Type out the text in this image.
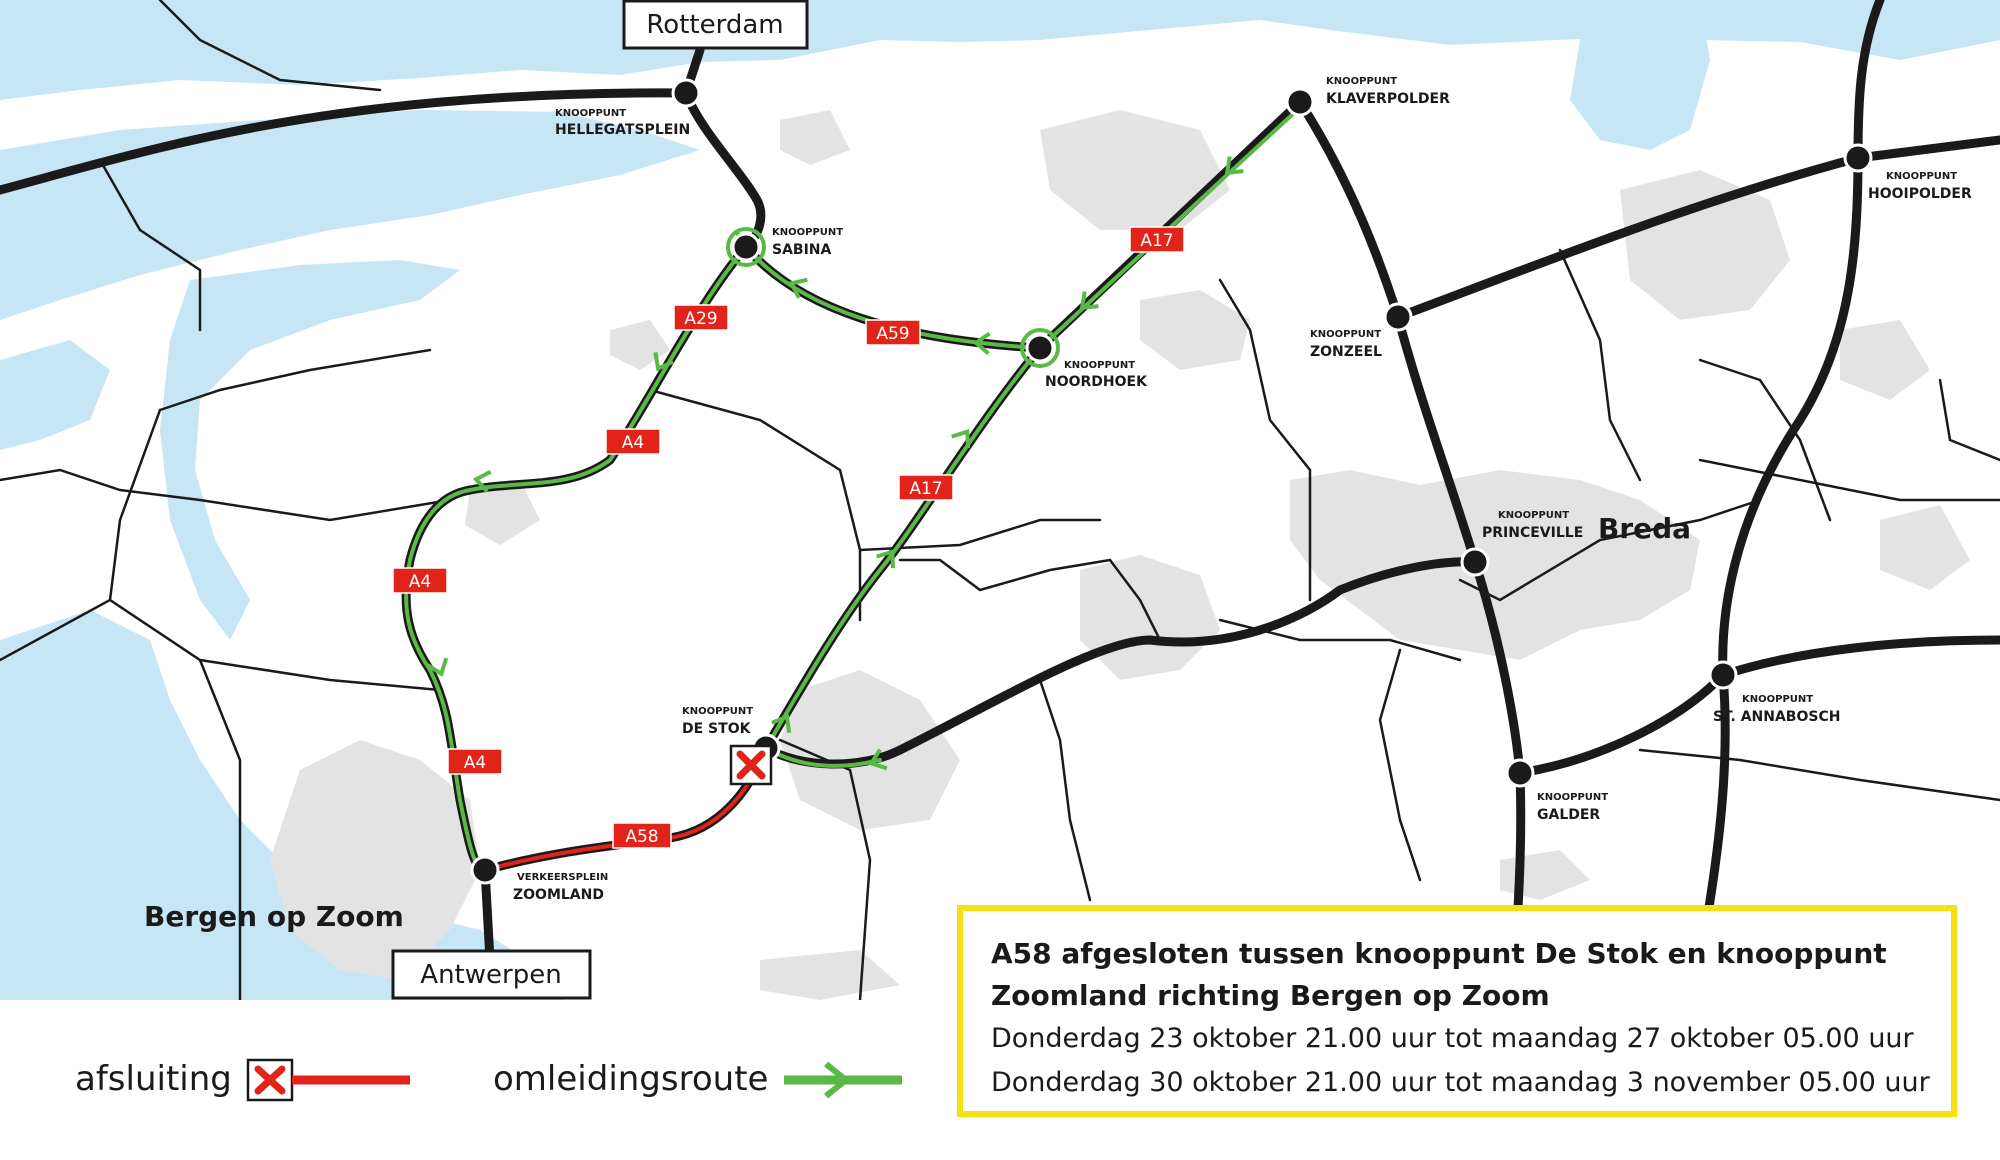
KNOOPPUNT
HELLEGATSPLEIN
KNOOPPUNT
SABINA
KNOOPPUNT
KLAVERPOLDER
KNOOPPUNT
NOORDHOEK
KNOOPPUNT
ZONZEEL
KNOOPPUNT
HOOIPOLDER
KNOOPPUNT
PRINCEVILLE
KNOOPPUNT
DE STOK
KNOOPPUNT
ST. ANNABOSCH
KNOOPPUNT
GALDER
VERKEERSPLEIN
ZOOMLAND
Breda
Bergen op Zoom
A29
A59
A17
A17
A4
A4
A4
A58
Rotterdam
Antwerpen
afsluiting	omleidingsroute
A58 afgesloten tussen knooppunt De Stok en knooppunt
Zoomland richting Bergen op Zoom
Donderdag 23 oktober 21.00 uur tot maandag 27 oktober 05.00 uur
Donderdag 30 oktober 21.00 uur tot maandag 3 november 05.00 uur
